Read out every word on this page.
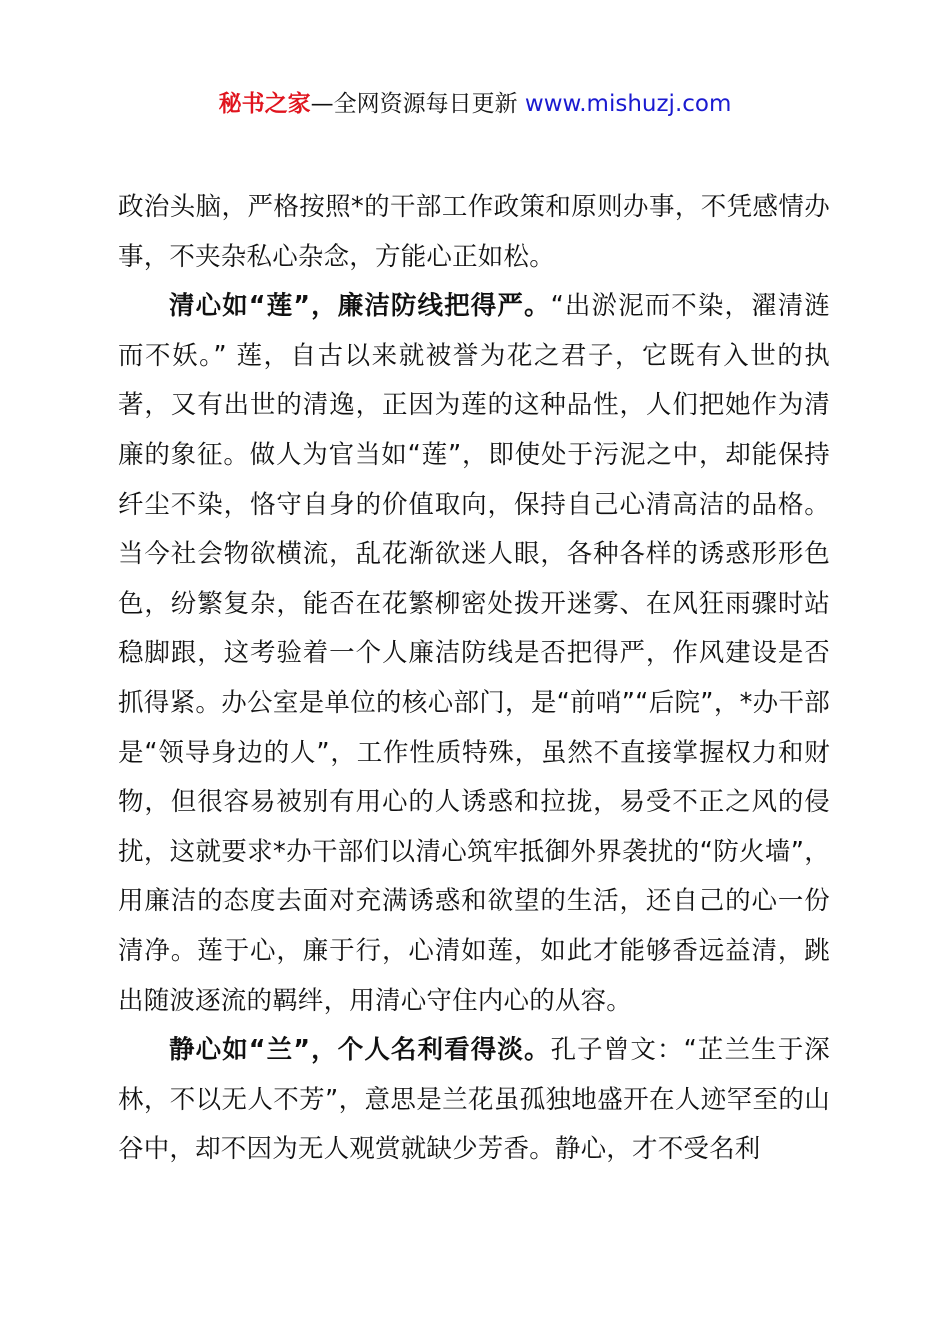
秘书之家—全网资源每日更新 www.mishuzj.com

政治头脑，严格按照*的干部工作政策和原则办事，不凭感情办事，不夹杂私心杂念，方能心正如松。

清心如“莲”，廉洁防线把得严。“出淤泥而不染，濯清涟而不妖。” 莲，自古以来就被誉为花之君子，它既有入世的执著，又有出世的清逸，正因为莲的这种品性，人们把她作为清廉的象征。做人为官当如“莲”，即使处于污泥之中，却能保持纤尘不染，恪守自身的价值取向，保持自己心清高洁的品格。当今社会物欲横流，乱花渐欲迷人眼，各种各样的诱惑形形色色，纷繁复杂，能否在花繁柳密处拨开迷雾、在风狂雨骤时站稳脚跟，这考验着一个人廉洁防线是否把得严，作风建设是否抓得紧。办公室是单位的核心部门，是“前哨”“后院”，*办干部是“领导身边的人”，工作性质特殊，虽然不直接掌握权力和财物，但很容易被别有用心的人诱惑和拉拢，易受不正之风的侵扰，这就要求*办干部们以清心筑牢抵御外界袭扰的“防火墙”，用廉洁的态度去面对充满诱惑和欲望的生活，还自己的心一份清净。莲于心，廉于行，心清如莲，如此才能够香远益清，跳出随波逐流的羁绊，用清心守住内心的从容。

静心如“兰”，个人名利看得淡。孔子曾文：“芷兰生于深林，不以无人不芳”，意思是兰花虽孤独地盛开在人迹罕至的山谷中，却不因为无人观赏就缺少芳香。静心，才不受名利
